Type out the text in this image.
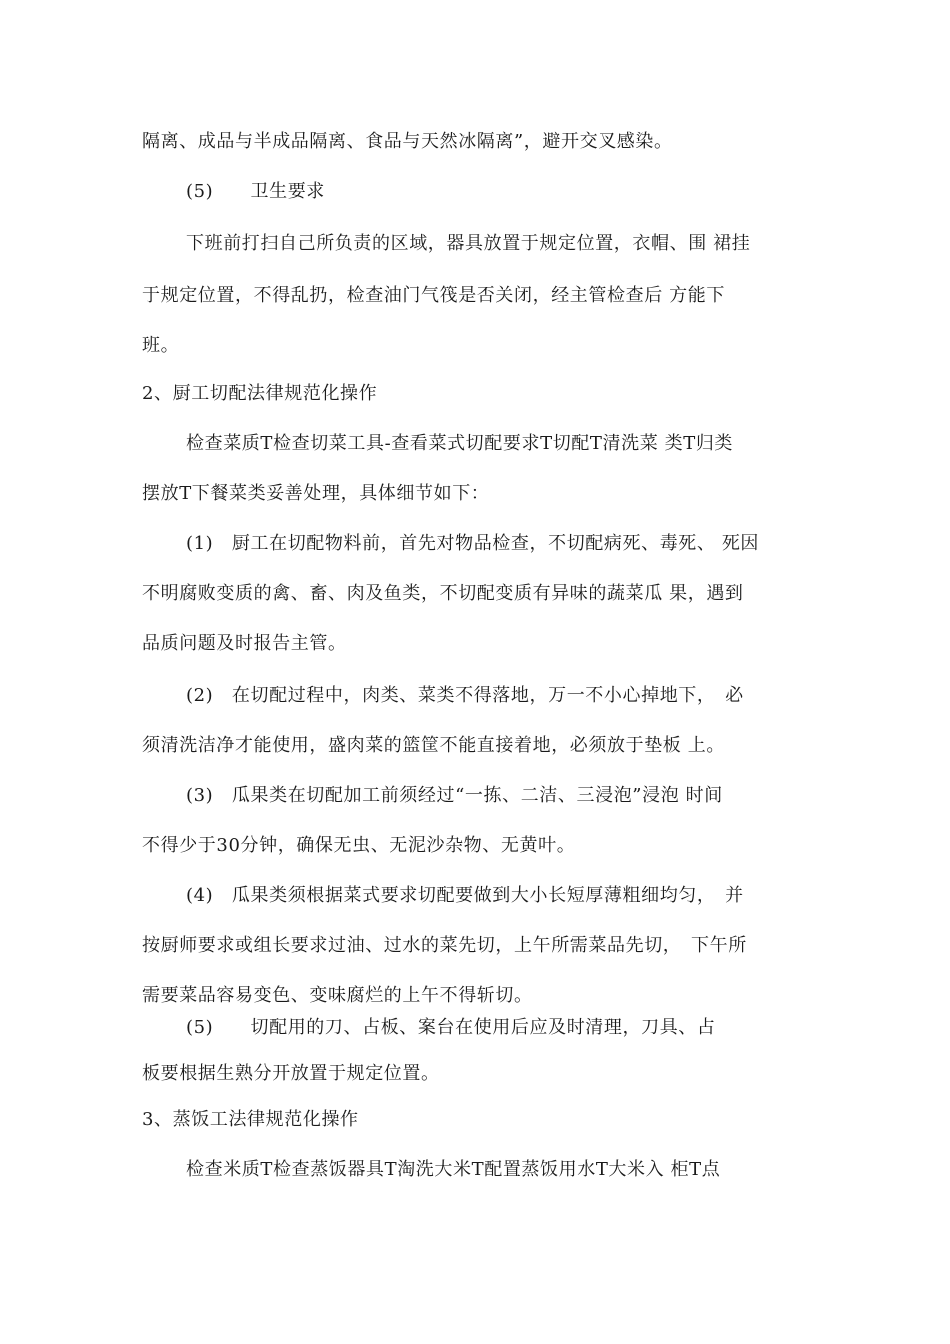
隔离、成品与半成品隔离、食品与天然冰隔离”，避开交叉感染。
(5)　　卫生要求
下班前打扫自己所负责的区域，器具放置于规定位置，衣帽、围 裙挂
于规定位置，不得乱扔，检查油门气筏是否关闭，经主管检查后 方能下
班。
2、厨工切配法律规范化操作
检查菜质T检查切菜工具-查看菜式切配要求T切配T清洗菜 类T归类
摆放T下餐菜类妥善处理，具体细节如下：
(1)　厨工在切配物料前，首先对物品检查，不切配病死、毒死、 死因
不明腐败变质的禽、畜、肉及鱼类，不切配变质有异味的蔬菜瓜 果，遇到
品质问题及时报告主管。
(2)　在切配过程中，肉类、菜类不得落地，万一不小心掉地下，　必
须清洗洁净才能使用，盛肉菜的篮筐不能直接着地，必须放于垫板 上。
(3)　瓜果类在切配加工前须经过“一拣、二洁、三浸泡”浸泡 时间
不得少于30分钟，确保无虫、无泥沙杂物、无黄叶。
(4)　瓜果类须根据菜式要求切配要做到大小长短厚薄粗细均匀，　并
按厨师要求或组长要求过油、过水的菜先切，上午所需菜品先切，　下午所
需要菜品容易变色、变味腐烂的上午不得斩切。
(5)　　切配用的刀、占板、案台在使用后应及时清理，刀具、占
板要根据生熟分开放置于规定位置。
3、蒸饭工法律规范化操作
检查米质T检查蒸饭器具T淘洗大米T配置蒸饭用水T大米入 柜T点
